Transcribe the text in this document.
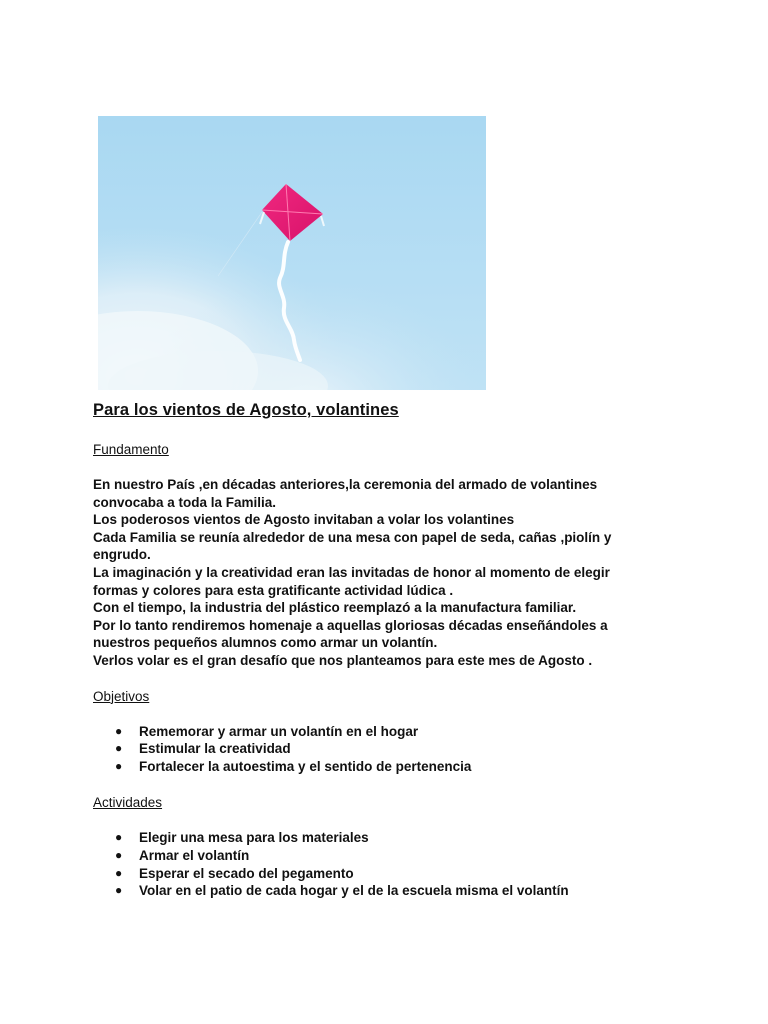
Para los vientos de Agosto, volantines
Fundamento
En nuestro País ,en décadas anteriores,la ceremonia del armado de volantines
convocaba a toda la Familia.
Los poderosos vientos de Agosto invitaban a volar los volantines
Cada Familia se reunía alrededor de una mesa con papel de seda, cañas ,piolín y
engrudo.
La imaginación y la creatividad eran las invitadas de honor al momento de elegir
formas y colores para esta gratificante actividad lúdica .
Con el tiempo, la industria del plástico reemplazó a la manufactura familiar.
Por lo tanto rendiremos homenaje a aquellas gloriosas décadas enseñándoles a
nuestros pequeños alumnos como armar un volantín.
Verlos volar es el gran desafío que nos planteamos para este mes de Agosto .
Objetivos
● Rememorar y armar un volantín en el hogar
● Estimular la creatividad
● Fortalecer la autoestima y el sentido de pertenencia
Actividades
● Elegir una mesa para los materiales
● Armar el volantín
● Esperar el secado del pegamento
● Volar en el patio de cada hogar y el de la escuela misma el volantín
